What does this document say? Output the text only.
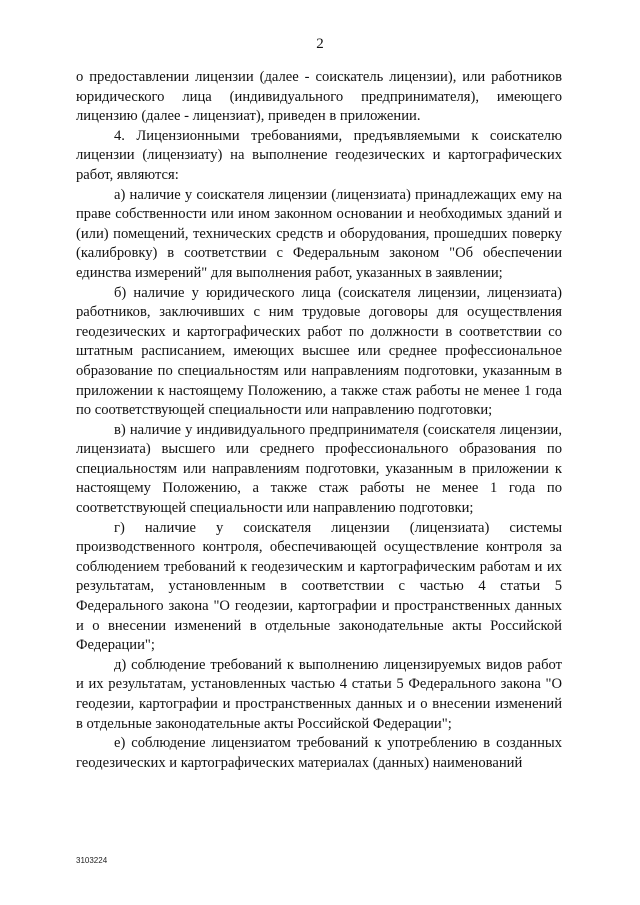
2

о предоставлении лицензии (далее - соискатель лицензии), или работников юридического лица (индивидуального предпринимателя), имеющего лицензию (далее - лицензиат), приведен в приложении.

4. Лицензионными требованиями, предъявляемыми к соискателю лицензии (лицензиату) на выполнение геодезических и картографических работ, являются:

а) наличие у соискателя лицензии (лицензиата) принадлежащих ему на праве собственности или ином законном основании и необходимых зданий и (или) помещений, технических средств и оборудования, прошедших поверку (калибровку) в соответствии с Федеральным законом "Об обеспечении единства измерений" для выполнения работ, указанных в заявлении;

б) наличие у юридического лица (соискателя лицензии, лицензиата) работников, заключивших с ним трудовые договоры для осуществления геодезических и картографических работ по должности в соответствии со штатным расписанием, имеющих высшее или среднее профессиональное образование по специальностям или направлениям подготовки, указанным в приложении к настоящему Положению, а также стаж работы не менее 1 года по соответствующей специальности или направлению подготовки;

в) наличие у индивидуального предпринимателя (соискателя лицензии, лицензиата) высшего или среднего профессионального образования по специальностям или направлениям подготовки, указанным в приложении к настоящему Положению, а также стаж работы не менее 1 года по соответствующей специальности или направлению подготовки;

г) наличие у соискателя лицензии (лицензиата) системы производственного контроля, обеспечивающей осуществление контроля за соблюдением требований к геодезическим и картографическим работам и их результатам, установленным в соответствии с частью 4 статьи 5 Федерального закона "О геодезии, картографии и пространственных данных и о внесении изменений в отдельные законодательные акты Российской Федерации";

д) соблюдение требований к выполнению лицензируемых видов работ и их результатам, установленных частью 4 статьи 5 Федерального закона "О геодезии, картографии и пространственных данных и о внесении изменений в отдельные законодательные акты Российской Федерации";

е) соблюдение лицензиатом требований к употреблению в созданных геодезических и картографических материалах (данных) наименований

3103224
